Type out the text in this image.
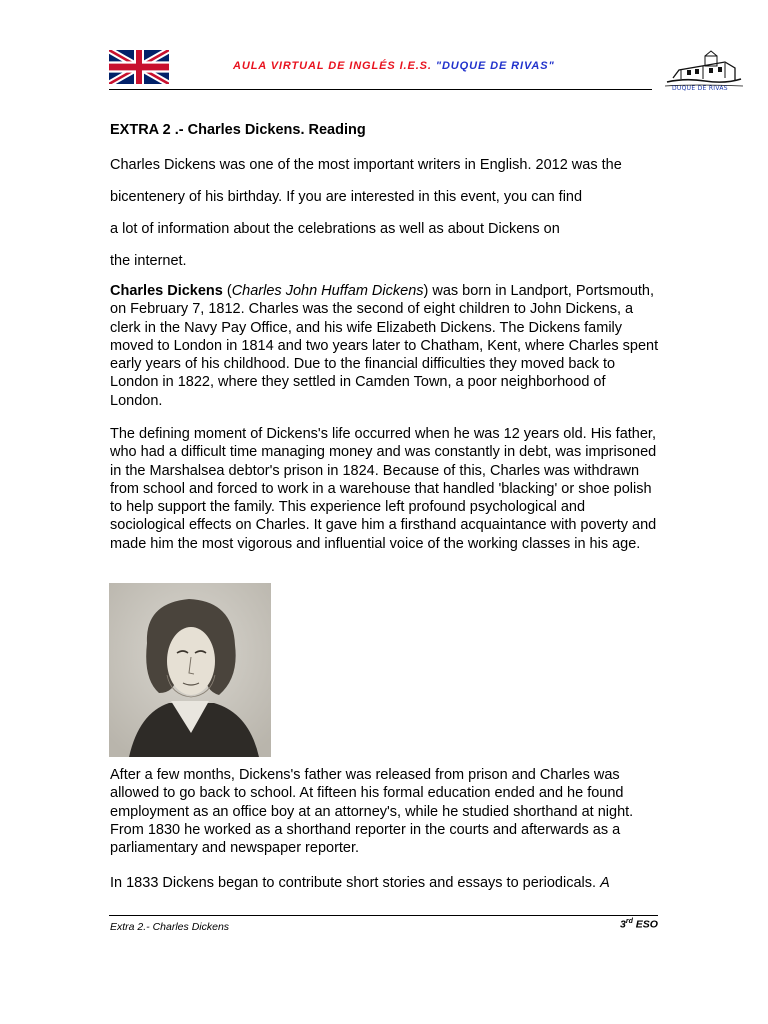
AULA VIRTUAL DE INGLÉS I.E.S. "DUQUE DE RIVAS"
DUQUE DE RIVAS
EXTRA 2 .- Charles Dickens. Reading
Charles Dickens was one of the most important writers in English. 2012 was the
bicentenery of his birthday. If you are interested in this event, you can find
a lot of information about the celebrations as well as about Dickens on
the internet.

Charles Dickens (Charles John Huffam Dickens) was born in Landport, Portsmouth, on February 7, 1812. Charles was the second of eight children to John Dickens, a clerk in the Navy Pay Office, and his wife Elizabeth Dickens. The Dickens family moved to London in 1814 and two years later to Chatham, Kent, where Charles spent early years of his childhood. Due to the financial difficulties they moved back to London in 1822, where they settled in Camden Town, a poor neighborhood of London.

The defining moment of Dickens's life occurred when he was 12 years old. His father, who had a difficult time managing money and was constantly in debt, was imprisoned in the Marshalsea debtor's prison in 1824. Because of this, Charles was withdrawn from school and forced to work in a warehouse that handled 'blacking' or shoe polish to help support the family. This experience left profound psychological and sociological effects on Charles. It gave him a firsthand acquaintance with poverty and made him the most vigorous and influential voice of the working classes in his age.

After a few months, Dickens's father was released from prison and Charles was allowed to go back to school. At fifteen his formal education ended and he found employment as an office boy at an attorney's, while he studied shorthand at night. From 1830 he worked as a shorthand reporter in the courts and afterwards as a parliamentary and newspaper reporter.

In 1833 Dickens began to contribute short stories and essays to periodicals. A

Extra 2.- Charles Dickens	3rd ESO
